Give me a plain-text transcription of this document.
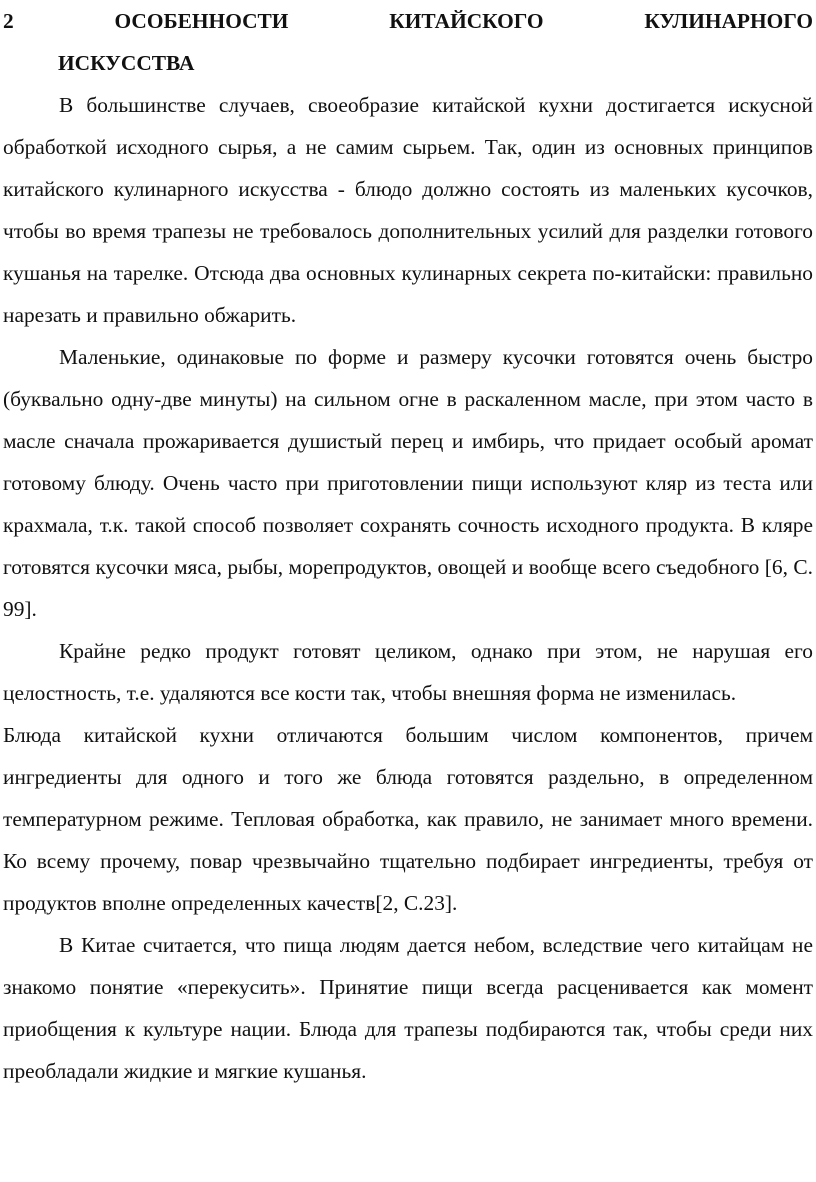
2 ОСОБЕННОСТИ КИТАЙСКОГО КУЛИНАРНОГО
ИСКУССТВА

В большинстве случаев, своеобразие китайской кухни достигается искусной обработкой исходного сырья, а не самим сырьем. Так, один из основных принципов китайского кулинарного искусства - блюдо должно состоять из маленьких кусочков, чтобы во время трапезы не требовалось дополнительных усилий для разделки готового кушанья на тарелке. Отсюда два основных кулинарных секрета по-китайски: правильно нарезать и правильно обжарить.

Маленькие, одинаковые по форме и размеру кусочки готовятся очень быстро (буквально одну-две минуты) на сильном огне в раскаленном масле, при этом часто в масле сначала прожаривается душистый перец и имбирь, что придает особый аромат готовому блюду. Очень часто при приготовлении пищи используют кляр из теста или крахмала, т.к. такой способ позволяет сохранять сочность исходного продукта. В кляре готовятся кусочки мяса, рыбы, морепродуктов, овощей и вообще всего съедобного [6, С. 99].

Крайне редко продукт готовят целиком, однако при этом, не нарушая его целостность, т.е. удаляются все кости так, чтобы внешняя форма не изменилась.

Блюда китайской кухни отличаются большим числом компонентов, причем ингредиенты для одного и того же блюда готовятся раздельно, в определенном температурном режиме. Тепловая обработка, как правило, не занимает много времени. Ко всему прочему, повар чрезвычайно тщательно подбирает ингредиенты, требуя от продуктов вполне определенных качеств[2, С.23].

В Китае считается, что пища людям дается небом, вследствие чего китайцам не знакомо понятие «перекусить». Принятие пищи всегда расценивается как момент приобщения к культуре нации. Блюда для трапезы подбираются так, чтобы среди них преобладали жидкие и мягкие кушанья.
